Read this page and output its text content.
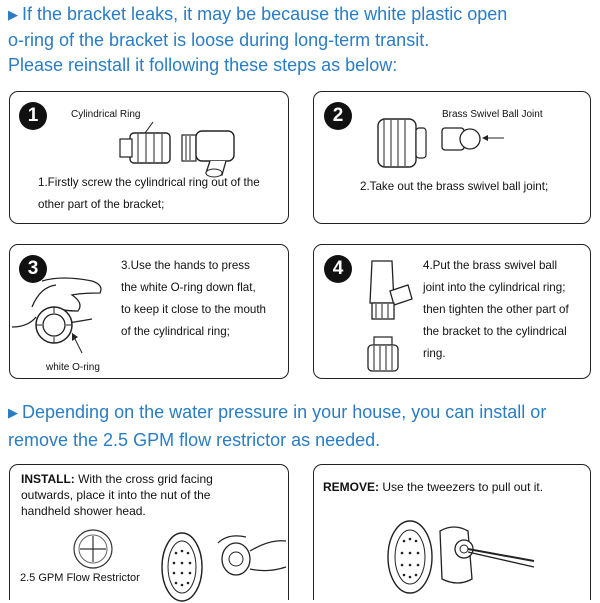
▶ If the bracket leaks, it may be because the white plastic open
o-ring of the bracket is loose during long-term transit.
Please reinstall it following these steps as below:
1	Cylindrical Ring
1.Firstly screw the cylindrical ring out of the
other part of the bracket;
2	Brass Swivel Ball Joint
2.Take out the brass swivel ball joint;
3
white O-ring
3.Use the hands to press
the white O-ring down flat,
to keep it close to the mouth
of the cylindrical ring;
4	4.Put the brass swivel ball
joint into the cylindrical ring;
then tighten the other part of
the bracket to the cylindrical
ring.
▶ Depending on the water pressure in your house, you can install or
remove the 2.5 GPM flow restrictor as needed.
INSTALL: With the cross grid facing
outwards, place it into the nut of the
handheld shower head.
2.5 GPM Flow Restrictor
REMOVE: Use the tweezers to pull out it.
